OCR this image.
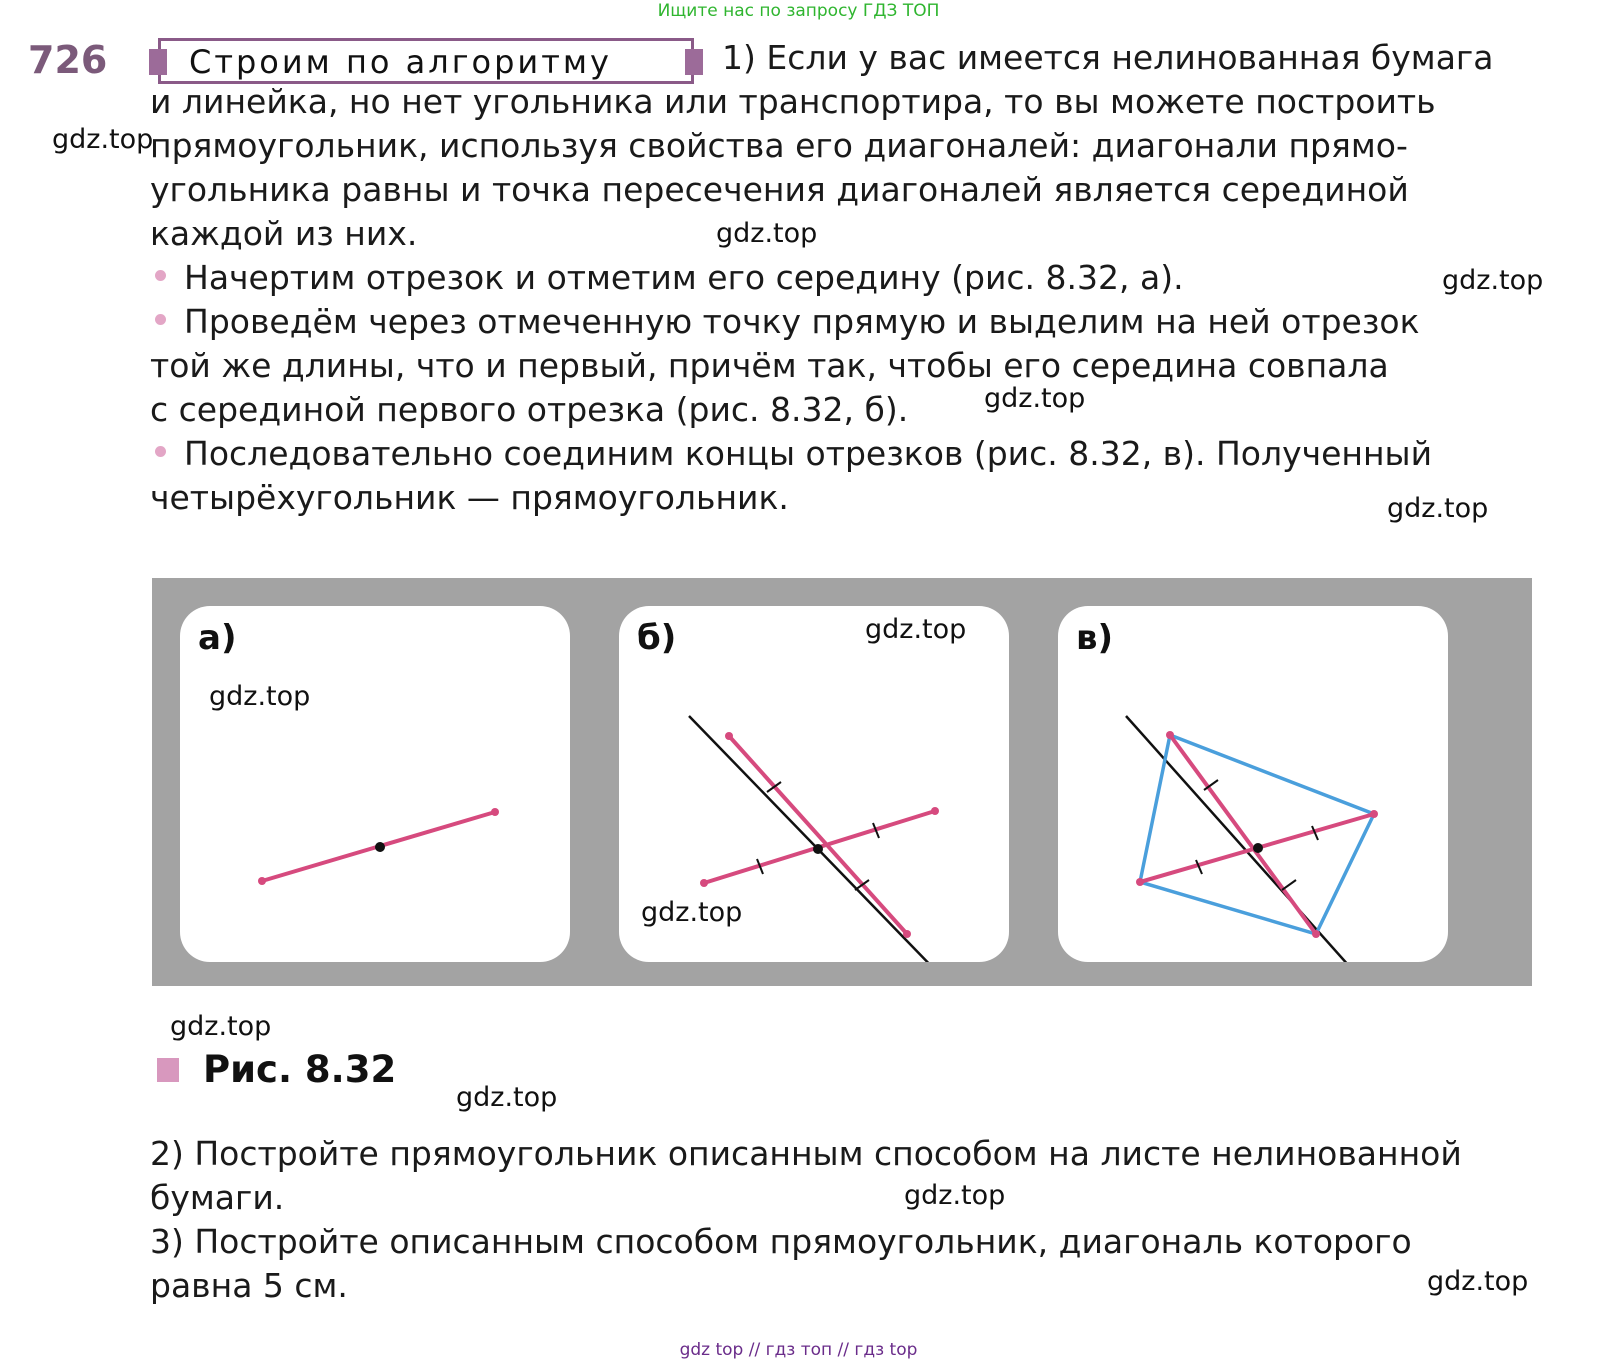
Ищите нас по запросу ГДЗ ТОП
726	Строим по алгоритму	1) Если у вас имеется нелинованная бумага
и линейка, но нет угольника или транспортира, то вы можете построить
прямоугольник, используя свойства его диагоналей: диагонали прямо-
угольника равны и точка пересечения диагоналей является серединой
каждой из них.
Начертим отрезок и отметим его середину (рис. 8.32, а).
Проведём через отмеченную точку прямую и выделим на ней отрезок
той же длины, что и первый, причём так, чтобы его середина совпала
с серединой первого отрезка (рис. 8.32, б).
Последовательно соединим концы отрезков (рис. 8.32, в). Полученный
четырёхугольник — прямоугольник.
а)	б)	в)
Рис. 8.32
2) Постройте прямоугольник описанным способом на листе нелинованной
бумаги.
3) Постройте описанным способом прямоугольник, диагональ которого
равна 5 см.
gdz.top
gdz.top
gdz.top
gdz.top
gdz.top
gdz.top
gdz.top
gdz.top
gdz.top
gdz.top
gdz.top
gdz.top
gdz top // гдз топ // гдз top
